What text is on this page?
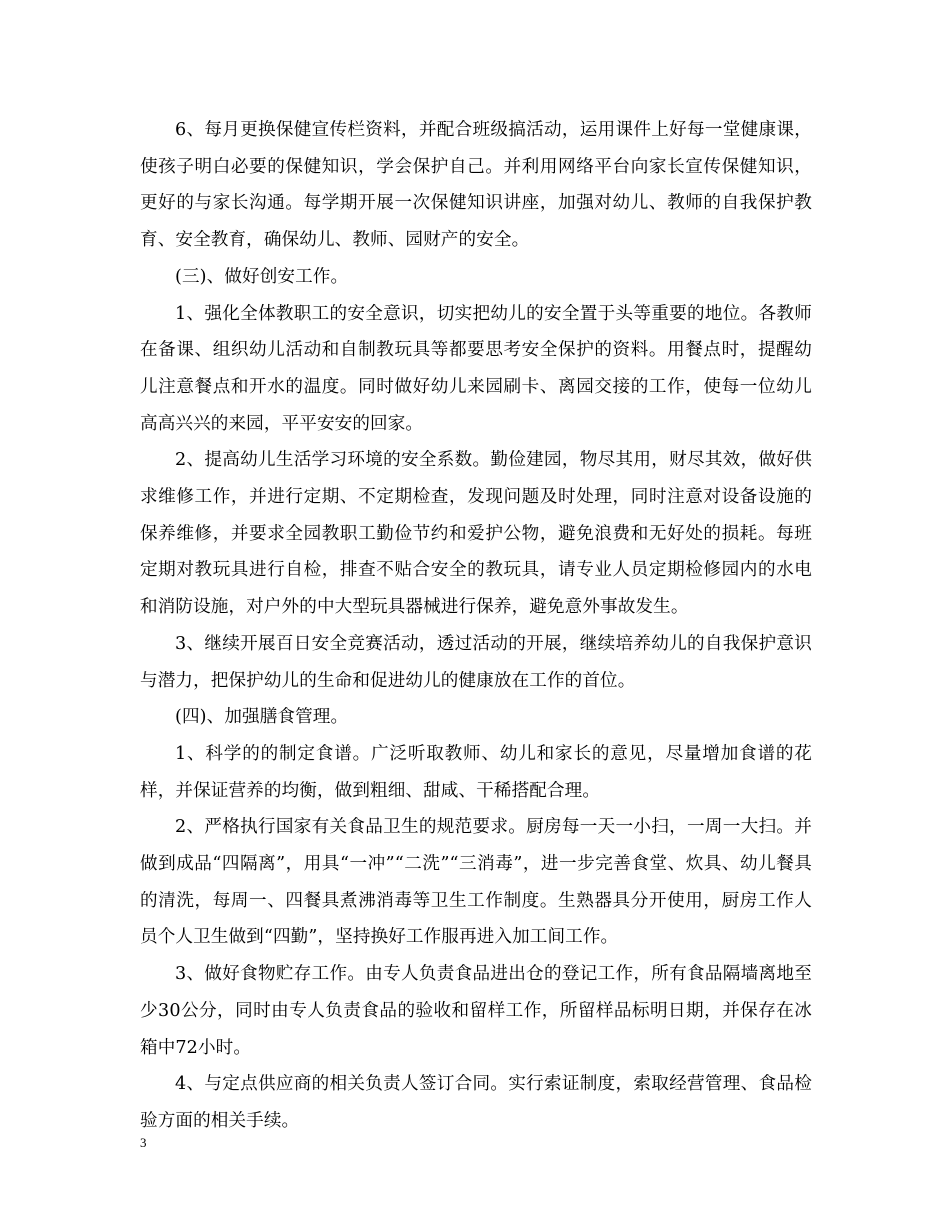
6、每月更换保健宣传栏资料，并配合班级搞活动，运用课件上好每一堂健康课，使孩子明白必要的保健知识，学会保护自己。并利用网络平台向家长宣传保健知识，更好的与家长沟通。每学期开展一次保健知识讲座，加强对幼儿、教师的自我保护教育、安全教育，确保幼儿、教师、园财产的安全。

(三)、做好创安工作。

1、强化全体教职工的安全意识，切实把幼儿的安全置于头等重要的地位。各教师在备课、组织幼儿活动和自制教玩具等都要思考安全保护的资料。用餐点时，提醒幼儿注意餐点和开水的温度。同时做好幼儿来园刷卡、离园交接的工作，使每一位幼儿高高兴兴的来园，平平安安的回家。

2、提高幼儿生活学习环境的安全系数。勤俭建园，物尽其用，财尽其效，做好供求维修工作，并进行定期、不定期检查，发现问题及时处理，同时注意对设备设施的保养维修，并要求全园教职工勤俭节约和爱护公物，避免浪费和无好处的损耗。每班定期对教玩具进行自检，排查不贴合安全的教玩具，请专业人员定期检修园内的水电和消防设施，对户外的中大型玩具器械进行保养，避免意外事故发生。

3、继续开展百日安全竞赛活动，透过活动的开展，继续培养幼儿的自我保护意识与潜力，把保护幼儿的生命和促进幼儿的健康放在工作的首位。

(四)、加强膳食管理。

1、科学的的制定食谱。广泛听取教师、幼儿和家长的意见，尽量增加食谱的花样，并保证营养的均衡，做到粗细、甜咸、干稀搭配合理。

2、严格执行国家有关食品卫生的规范要求。厨房每一天一小扫，一周一大扫。并做到成品“四隔离”，用具“一冲”“二洗”“三消毒”，进一步完善食堂、炊具、幼儿餐具的清洗，每周一、四餐具煮沸消毒等卫生工作制度。生熟器具分开使用，厨房工作人员个人卫生做到“四勤”，坚持换好工作服再进入加工间工作。

3、做好食物贮存工作。由专人负责食品进出仓的登记工作，所有食品隔墙离地至少30公分，同时由专人负责食品的验收和留样工作，所留样品标明日期，并保存在冰箱中72小时。

4、与定点供应商的相关负责人签订合同。实行索证制度，索取经营管理、食品检验方面的相关手续。

3
